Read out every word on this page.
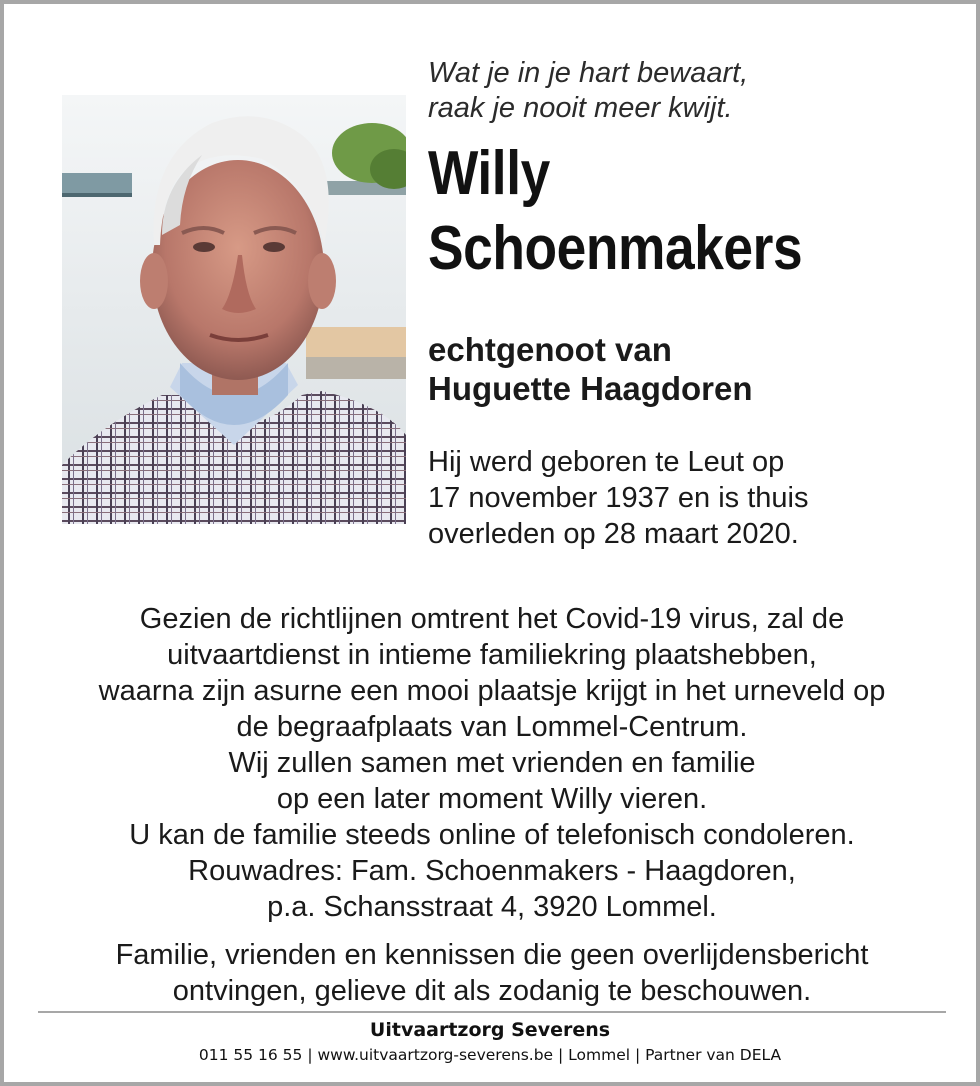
Wat je in je hart bewaart,
raak je nooit meer kwijt.
Willy
Schoenmakers
echtgenoot van
Huguette Haagdoren
Hij werd geboren te Leut op
17 november 1937 en is thuis
overleden op 28 maart 2020.
Gezien de richtlijnen omtrent het Covid-19 virus, zal de
uitvaartdienst in intieme familiekring plaatshebben,
waarna zijn asurne een mooi plaatsje krijgt in het urneveld op
de begraafplaats van Lommel-Centrum.
Wij zullen samen met vrienden en familie
op een later moment Willy vieren.
U kan de familie steeds online of telefonisch condoleren.
Rouwadres: Fam. Schoenmakers - Haagdoren,
p.a. Schansstraat 4, 3920 Lommel.
Familie, vrienden en kennissen die geen overlijdensbericht
ontvingen, gelieve dit als zodanig te beschouwen.
Uitvaartzorg Severens
011 55 16 55 | www.uitvaartzorg-severens.be | Lommel | Partner van DELA
